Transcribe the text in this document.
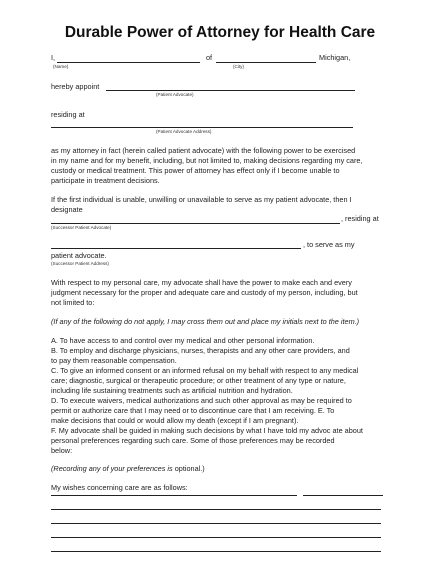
Durable Power of Attorney for Health Care
I,	of	Michigan,
(Name)	(City)
hereby appoint
(Patient Advocate)
residing at
(Patient Advocate Address)
as my attorney in fact (herein called patient advocate) with the following power to be exercised
in my name and for my benefit, including, but not limited to, making decisions regarding my care,
custody or medical treatment. This power of attorney has effect only if I become unable to
participate in treatment decisions.
If the first individual is unable, unwilling or unavailable to serve as my patient advocate, then I
designate
, residing at
(Successor Patient Advocate)
, to serve as my
patient advocate.
(Successor Patient Address)
With respect to my personal care, my advocate shall have the power to make each and every
judgment necessary for the proper and adequate care and custody of my person, including, but
not limited to:
(If any of the following do not apply, I may cross them out and place my initials next to the item.)
A. To have access to and control over my medical and other personal information.
B. To employ and discharge physicians, nurses, therapists and any other care providers, and
to pay them reasonable compensation.
C. To give an informed consent or an informed refusal on my behalf with respect to any medical
care; diagnostic, surgical or therapeutic procedure; or other treatment of any type or nature,
including life sustaining treatments such as artificial nutrition and hydration.
D. To execute waivers, medical authorizations and such other approval as may be required to
permit or authorize care that I may need or to discontinue care that I am receiving. E. To
make decisions that could or would allow my death (except if I am pregnant).
F. My advocate shall be guided in making such decisions by what I have told my advoc ate about
personal preferences regarding such care. Some of those preferences may be recorded
below:
(Recording any of your preferences is optional.)
My wishes concerning care are as follows:
